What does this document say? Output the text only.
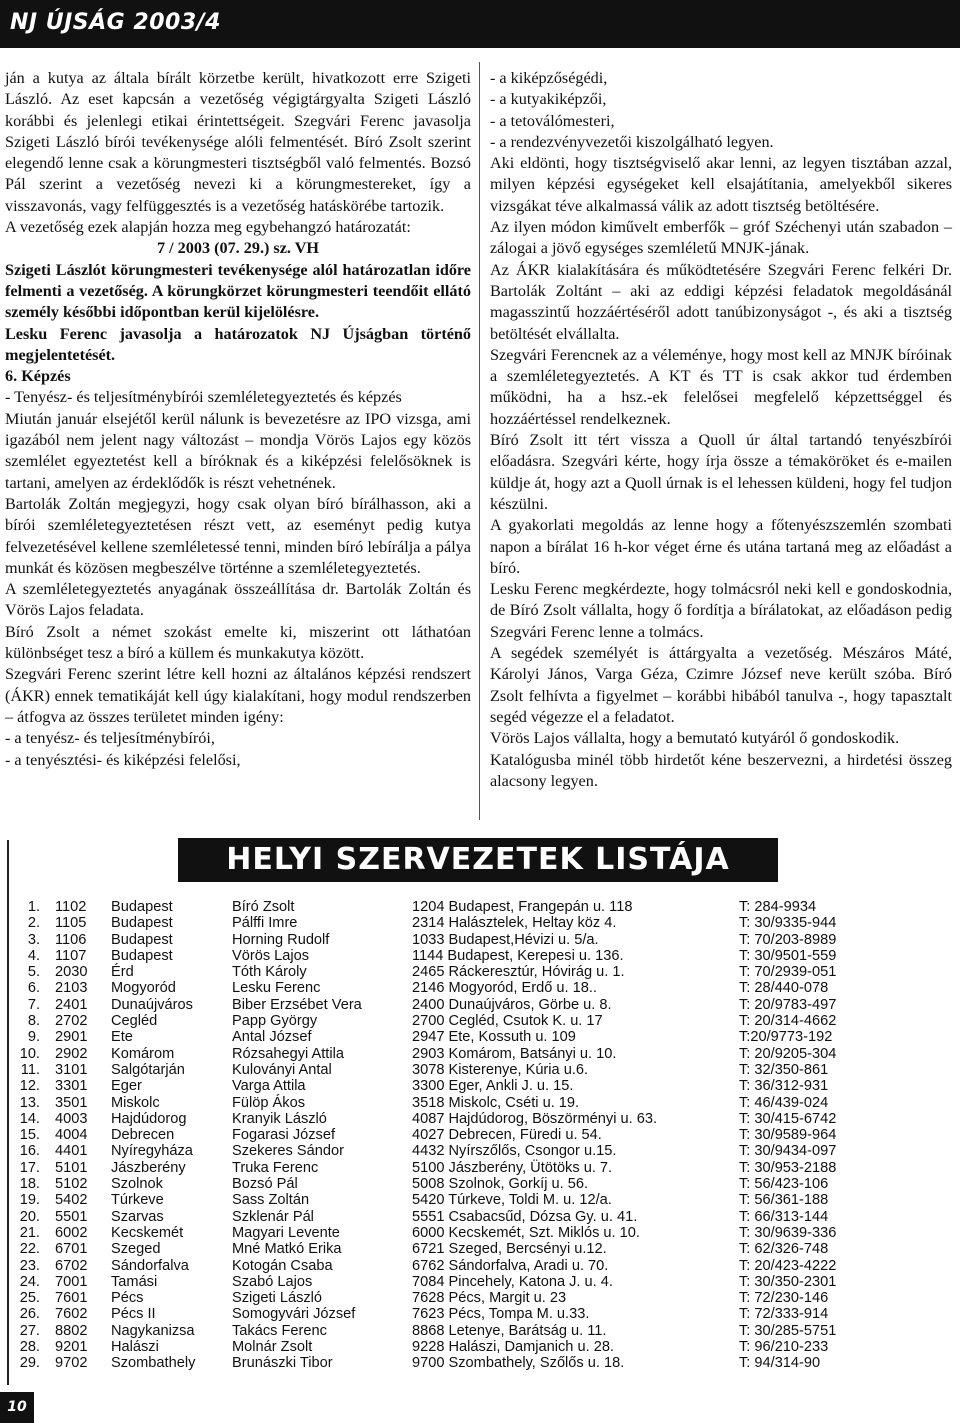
NJ ÚJSÁG 2003/4

ján a kutya az általa bírált körzetbe került, hivatkozott erre Szigeti László. Az eset kapcsán a vezetőség végigtárgyalta Szigeti László korábbi és jelenlegi etikai érintettségeit. Szegvári Ferenc javasolja Szigeti László bírói tevékenysége alóli felmentését. Bíró Zsolt szerint elegendő lenne csak a körungmesteri tisztségből való felmentés. Bozsó Pál szerint a vezetőség nevezi ki a körungmestereket, így a visszavonás, vagy felfüggesztés is a vezetőség hatáskörébe tartozik.

A vezetőség ezek alapján hozza meg egybehangzó határozatát:

7 / 2003 (07. 29.) sz. VH

Szigeti Lászlót körungmesteri tevékenysége alól határozatlan időre felmenti a vezetőség. A körungkörzet körungmesteri teendőit ellátó személy későbbi időpontban kerül kijelölésre.

Lesku Ferenc javasolja a határozatok NJ Újságban történő megjelentetését.

6. Képzés

- Tenyész- és teljesítménybírói szemléletegyeztetés és képzés

Miután január elsejétől kerül nálunk is bevezetésre az IPO vizsga, ami igazából nem jelent nagy változást – mondja Vörös Lajos egy közös szemlélet egyeztetést kell a bíróknak és a kiképzési felelősöknek is tartani, amelyen az érdeklődők is részt vehetnének.

Bartolák Zoltán megjegyzi, hogy csak olyan bíró bírálhasson, aki a bírói szemléletegyeztetésen részt vett, az eseményt pedig kutya felvezetésével kellene szemléletessé tenni, minden bíró lebírálja a pálya munkát és közösen megbeszélve történne a szemléletegyeztetés.

A szemléletegyeztetés anyagának összeállítása dr. Bartolák Zoltán és Vörös Lajos feladata.

Bíró Zsolt a német szokást emelte ki, miszerint ott láthatóan különbséget tesz a bíró a küllem és munkakutya között.

Szegvári Ferenc szerint létre kell hozni az általános képzési rendszert (ÁKR) ennek tematikáját kell úgy kialakítani, hogy modul rendszerben – átfogva az összes területet minden igény:

- a tenyész- és teljesítménybírói,

- a tenyésztési- és kiképzési felelősi,

- a kiképzőségédi,

- a kutyakiképzői,

- a tetoválómesteri,

- a rendezvényvezetői kiszolgálható legyen.

Aki eldönti, hogy tisztségviselő akar lenni, az legyen tisztában azzal, milyen képzési egységeket kell elsajátítania, amelyekből sikeres vizsgákat téve alkalmassá válik az adott tisztség betöltésére.

Az ilyen módon kiművelt emberfők – gróf Széchenyi után szabadon – zálogai a jövő egységes szemléletű MNJK-jának.

Az ÁKR kialakítására és működtetésére Szegvári Ferenc felkéri Dr. Bartolák Zoltánt – aki az eddigi képzési feladatok megoldásánál magasszintű hozzáértéséről adott tanúbizonyságot -, és aki a tisztség betöltését elvállalta.

Szegvári Ferencnek az a véleménye, hogy most kell az MNJK bíróinak a szemléletegyeztetés. A KT és TT is csak akkor tud érdemben működni, ha a hsz.-ek felelősei megfelelő képzettséggel és hozzáértéssel rendelkeznek.

Bíró Zsolt itt tért vissza a Quoll úr által tartandó tenyészbírói előadásra. Szegvári kérte, hogy írja össze a témaköröket és e-mailen küldje át, hogy azt a Quoll úrnak is el lehessen küldeni, hogy fel tudjon készülni.

A gyakorlati megoldás az lenne hogy a főtenyészszemlén szombati napon a bírálat 16 h-kor véget érne és utána tartaná meg az előadást a bíró.

Lesku Ferenc megkérdezte, hogy tolmácsról neki kell e gondoskodnia, de Bíró Zsolt vállalta, hogy ő fordítja a bírálatokat, az előadáson pedig Szegvári Ferenc lenne a tolmács.

A segédek személyét is áttárgyalta a vezetőség. Mészáros Máté, Károlyi János, Varga Géza, Czimre József neve került szóba. Bíró Zsolt felhívta a figyelmet – korábbi hibából tanulva -, hogy tapasztalt segéd végezze el a feladatot.

Vörös Lajos vállalta, hogy a bemutató kutyáról ő gondoskodik.

Katalógusba minél több hirdetőt kéne beszervezni, a hirdetési összeg alacsony legyen.

HELYI SZERVEZETEK LISTÁJA
1. 1102 Budapest	Bíró Zsolt	1204 Budapest, Frangepán u. 118	T: 284-9934
2. 1105 Budapest	Pálffi Imre	2314 Halásztelek, Heltay köz 4.	T: 30/9335-944
3. 1106 Budapest	Horning Rudolf	1033 Budapest,Hévizi u. 5/a.	T: 70/203-8989
4. 1107 Budapest	Vörös Lajos	1144 Budapest, Kerepesi u. 136.	T: 30/9501-559
5. 2030 Érd	Tóth Károly	2465 Ráckeresztúr, Hóvirág u. 1.	T: 70/2939-051
6. 2103 Mogyoród	Lesku Ferenc	2146 Mogyoród, Erdő u. 18..	T: 28/440-078
7. 2401 Dunaújváros	Biber Erzsébet Vera	2400 Dunaújváros, Görbe u. 8.	T: 20/9783-497
8. 2702 Cegléd	Papp György	2700 Cegléd, Csutok K. u. 17	T: 20/314-4662
9. 2901 Ete	Antal József	2947 Ete, Kossuth u. 109	T:20/9773-192
10. 2902 Komárom	Rózsahegyi Attila	2903 Komárom, Batsányi u. 10.	T: 20/9205-304
11. 3101 Salgótarján	Kuloványi Antal	3078 Kisterenye, Kúria u.6.	T: 32/350-861
12. 3301 Eger	Varga Attila	3300 Eger, Ankli J. u. 15.	T: 36/312-931
13. 3501 Miskolc	Fülöp Ákos	3518 Miskolc, Cséti u. 19.	T: 46/439-024
14. 4003 Hajdúdorog	Kranyik László	4087 Hajdúdorog, Böszörményi u. 63.	T: 30/415-6742
15. 4004 Debrecen	Fogarasi József	4027 Debrecen, Füredi u. 54.	T: 30/9589-964
16. 4401 Nyíregyháza	Szekeres Sándor	4432 Nyírszőlős, Csongor u.15.	T: 30/9434-097
17. 5101 Jászberény	Truka Ferenc	5100 Jászberény, Ütötöks u. 7.	T: 30/953-2188
18. 5102 Szolnok	Bozsó Pál	5008 Szolnok, Gorkíj u. 56.	T: 56/423-106
19. 5402 Túrkeve	Sass Zoltán	5420 Túrkeve, Toldi M. u. 12/a.	T: 56/361-188
20. 5501 Szarvas	Szklenár Pál	5551 Csabacsűd, Dózsa Gy. u. 41.	T: 66/313-144
21. 6002 Kecskemét	Magyari Levente	6000 Kecskemét, Szt. Miklós u. 10.	T: 30/9639-336
22. 6701 Szeged	Mné Matkó Erika	6721 Szeged, Bercsényi u.12.	T: 62/326-748
23. 6702 Sándorfalva	Kotogán Csaba	6762 Sándorfalva, Aradi u. 70.	T: 20/423-4222
24. 7001 Tamási	Szabó Lajos	7084 Pincehely, Katona J. u. 4.	T: 30/350-2301
25. 7601 Pécs	Szigeti László	7628 Pécs, Margit u. 23	T: 72/230-146
26. 7602 Pécs II	Somogyvári József	7623 Pécs, Tompa M. u.33.	T: 72/333-914
27. 8802 Nagykanizsa	Takács Ferenc	8868 Letenye, Barátság u. 11.	T: 30/285-5751
28. 9201 Halászi	Molnár Zsolt	9228 Halászi, Damjanich u. 28.	T: 96/210-233
29. 9702 Szombathely	Brunászki Tibor	9700 Szombathely, Szőlős u. 18.	T: 94/314-90
10
